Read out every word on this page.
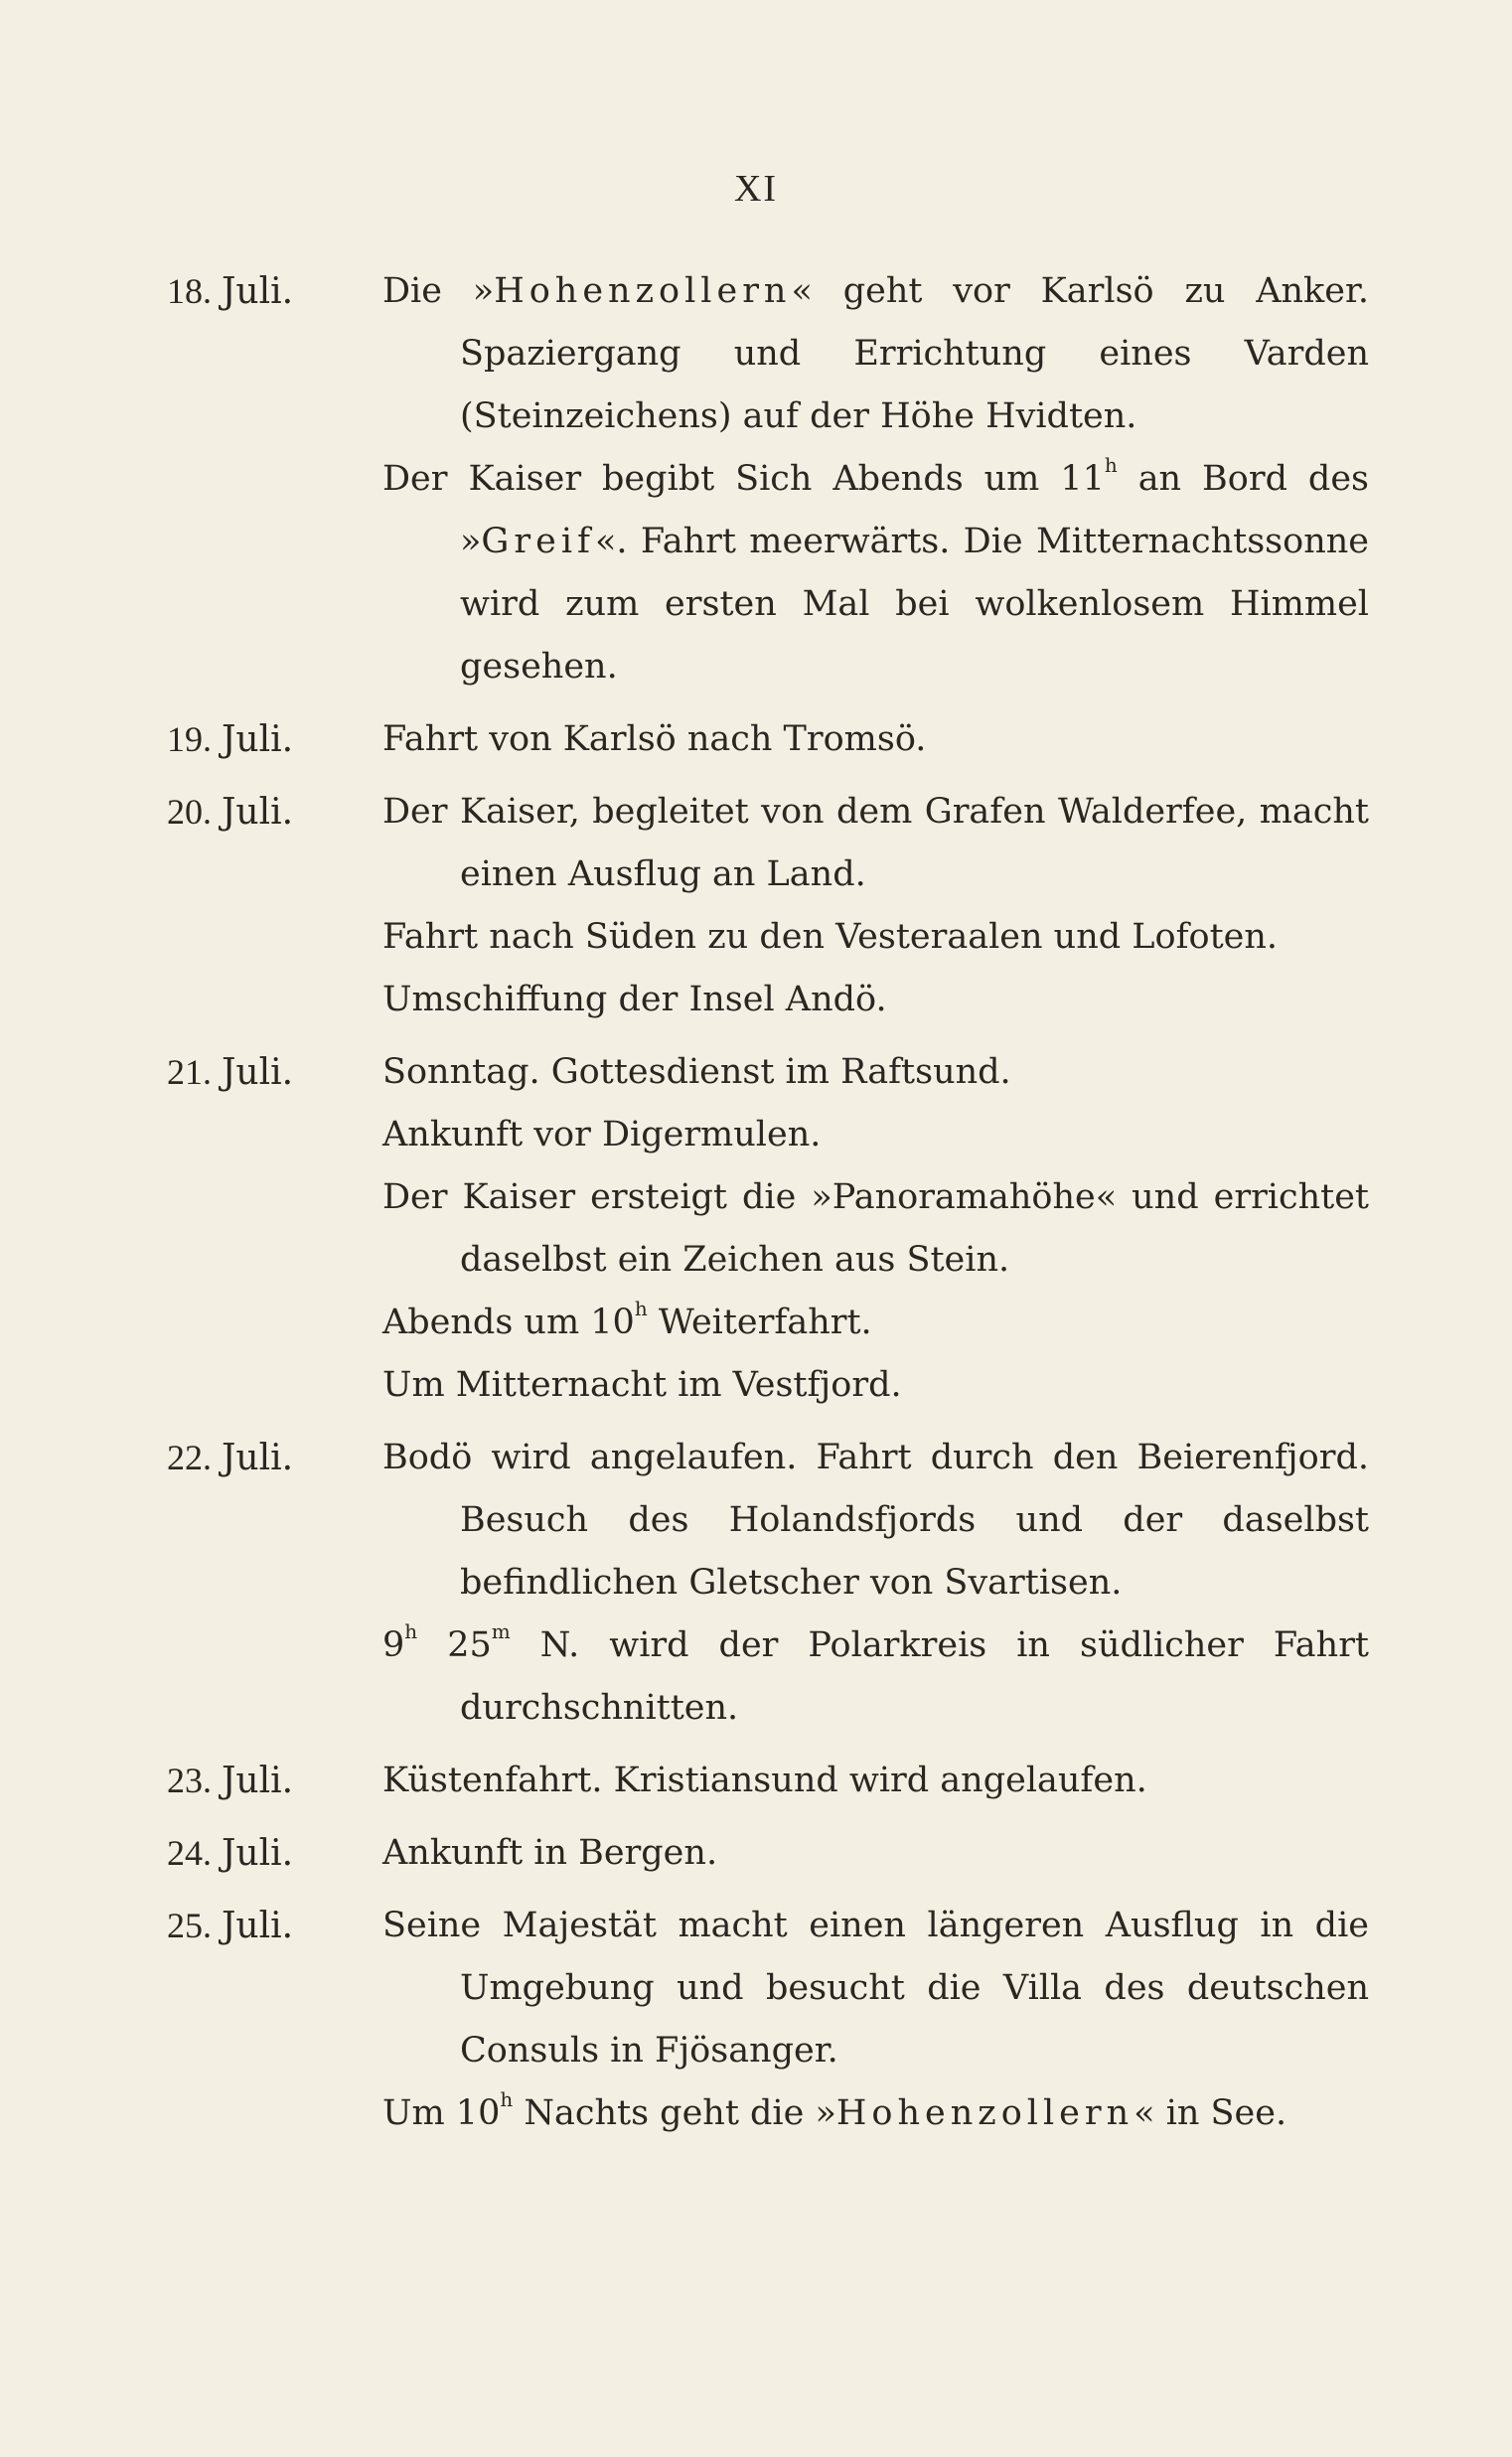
XI
18. Juli.	Die »Hohenzollern« geht vor Karlsö zu Anker. Spaziergang und Errichtung eines Varden (Steinzeichens) auf der Höhe Hvidten.
Der Kaiser begibt Sich Abends um 11$^h$ an Bord des »Greif«. Fahrt meerwärts. Die Mitternachtssonne wird zum ersten Mal bei wolkenlosem Himmel gesehen.
19. Juli.	Fahrt von Karlsö nach Tromsö.
20. Juli.	Der Kaiser, begleitet von dem Grafen Walderfee, macht einen Ausflug an Land.
Fahrt nach Süden zu den Vesteraalen und Lofoten.
Umschiffung der Insel Andö.
21. Juli.	Sonntag. Gottesdienst im Raftsund.
Ankunft vor Digermulen.
Der Kaiser ersteigt die »Panoramahöhe« und errichtet daselbst ein Zeichen aus Stein.
Abends um 10$^h$ Weiterfahrt.
Um Mitternacht im Vestfjord.
22. Juli.	Bodö wird angelaufen. Fahrt durch den Beierenfjord. Besuch des Holandsfjords und der daselbst befindlichen Gletscher von Svartisen.
9$^h$ 25$^m$ N. wird der Polarkreis in südlicher Fahrt durchschnitten.
23. Juli.	Küstenfahrt. Kristiansund wird angelaufen.
24. Juli.	Ankunft in Bergen.
25. Juli.	Seine Majestät macht einen längeren Ausflug in die Umgebung und besucht die Villa des deutschen Consuls in Fjösanger.
Um 10$^h$ Nachts geht die »Hohenzollern« in See.
